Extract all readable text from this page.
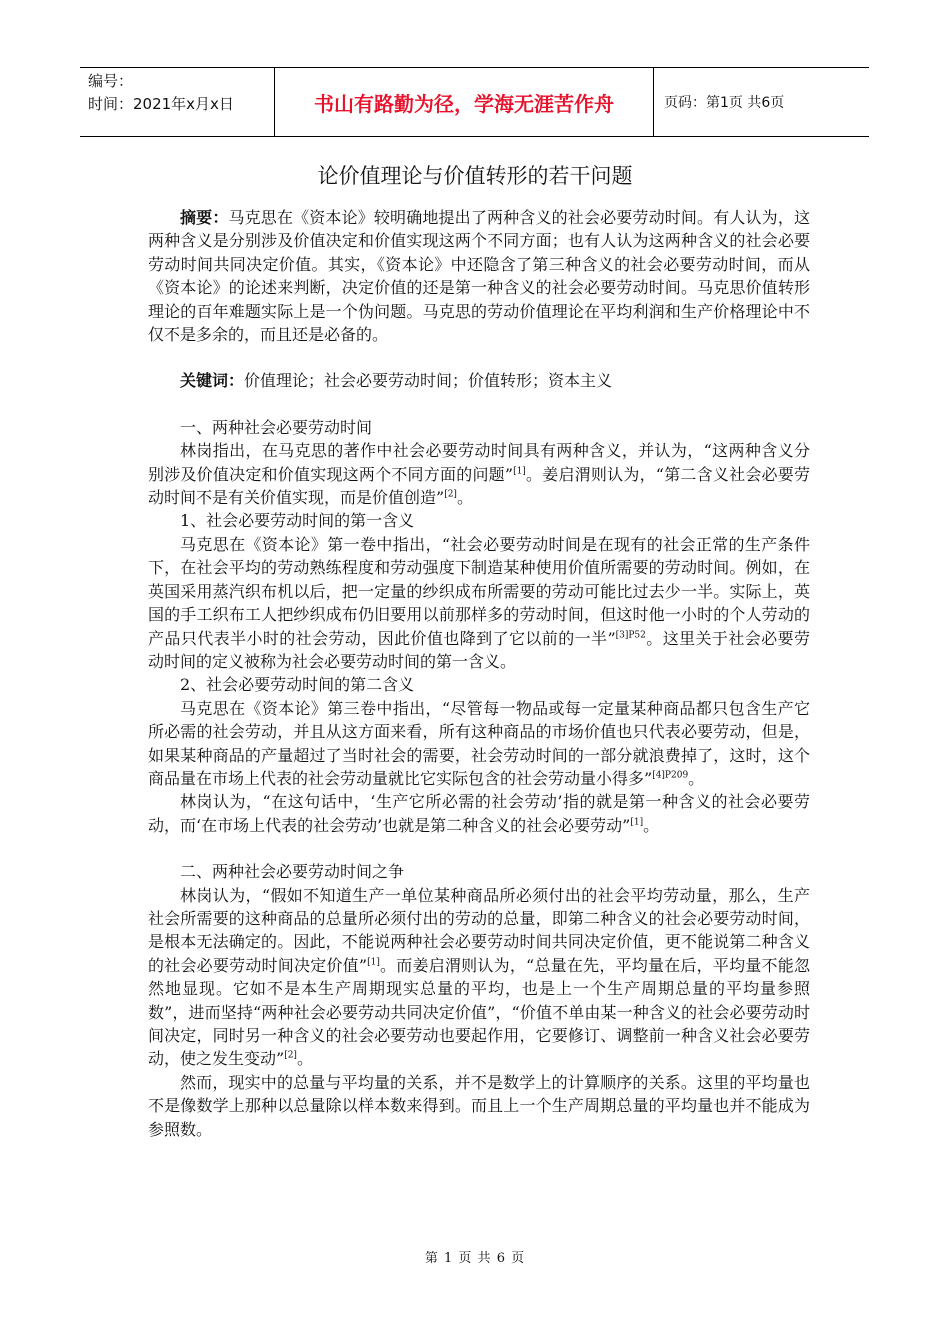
编号：
时间：2021年x月x日	书山有路勤为径，学海无涯苦作舟	页码：第1页 共6页
论价值理论与价值转形的若干问题

摘要：马克思在《资本论》较明确地提出了两种含义的社会必要劳动时间。有人认为，这两种含义是分别涉及价值决定和价值实现这两个不同方面；也有人认为这两种含义的社会必要劳动时间共同决定价值。其实，《资本论》中还隐含了第三种含义的社会必要劳动时间，而从《资本论》的论述来判断，决定价值的还是第一种含义的社会必要劳动时间。马克思价值转形理论的百年难题实际上是一个伪问题。马克思的劳动价值理论在平均利润和生产价格理论中不仅不是多余的，而且还是必备的。

关键词：价值理论；社会必要劳动时间；价值转形；资本主义

一、两种社会必要劳动时间

林岗指出，在马克思的著作中社会必要劳动时间具有两种含义，并认为，“这两种含义分别涉及价值决定和价值实现这两个不同方面的问题”[1]。姜启渭则认为，“第二含义社会必要劳动时间不是有关价值实现，而是价值创造”[2]。

1、社会必要劳动时间的第一含义

马克思在《资本论》第一卷中指出，“社会必要劳动时间是在现有的社会正常的生产条件下，在社会平均的劳动熟练程度和劳动强度下制造某种使用价值所需要的劳动时间。例如，在英国采用蒸汽织布机以后，把一定量的纱织成布所需要的劳动可能比过去少一半。实际上，英国的手工织布工人把纱织成布仍旧要用以前那样多的劳动时间，但这时他一小时的个人劳动的产品只代表半小时的社会劳动，因此价值也降到了它以前的一半”$^{[3]P52}$。这里关于社会必要劳动时间的定义被称为社会必要劳动时间的第一含义。

2、社会必要劳动时间的第二含义

马克思在《资本论》第三卷中指出，“尽管每一物品或每一定量某种商品都只包含生产它所必需的社会劳动，并且从这方面来看，所有这种商品的市场价值也只代表必要劳动，但是，如果某种商品的产量超过了当时社会的需要，社会劳动时间的一部分就浪费掉了，这时，这个商品量在市场上代表的社会劳动量就比它实际包含的社会劳动量小得多”$^{[4]P209}$。

林岗认为，“在这句话中，‘生产它所必需的社会劳动’指的就是第一种含义的社会必要劳动，而‘在市场上代表的社会劳动’也就是第二种含义的社会必要劳动”[1]。

二、两种社会必要劳动时间之争

林岗认为，“假如不知道生产一单位某种商品所必须付出的社会平均劳动量，那么，生产社会所需要的这种商品的总量所必须付出的劳动的总量，即第二种含义的社会必要劳动时间，是根本无法确定的。因此，不能说两种社会必要劳动时间共同决定价值，更不能说第二种含义的社会必要劳动时间决定价值”[1]。而姜启渭则认为，“总量在先，平均量在后，平均量不能忽然地显现。它如不是本生产周期现实总量的平均，也是上一个生产周期总量的平均量参照数”，进而坚持“两种社会必要劳动共同决定价值”，“价值不单由某一种含义的社会必要劳动时间决定，同时另一种含义的社会必要劳动也要起作用，它要修订、调整前一种含义社会必要劳动，使之发生变动”[2]。

然而，现实中的总量与平均量的关系，并不是数学上的计算顺序的关系。这里的平均量也不是像数学上那种以总量除以样本数来得到。而且上一个生产周期总量的平均量也并不能成为参照数。

第 1 页 共 6 页
